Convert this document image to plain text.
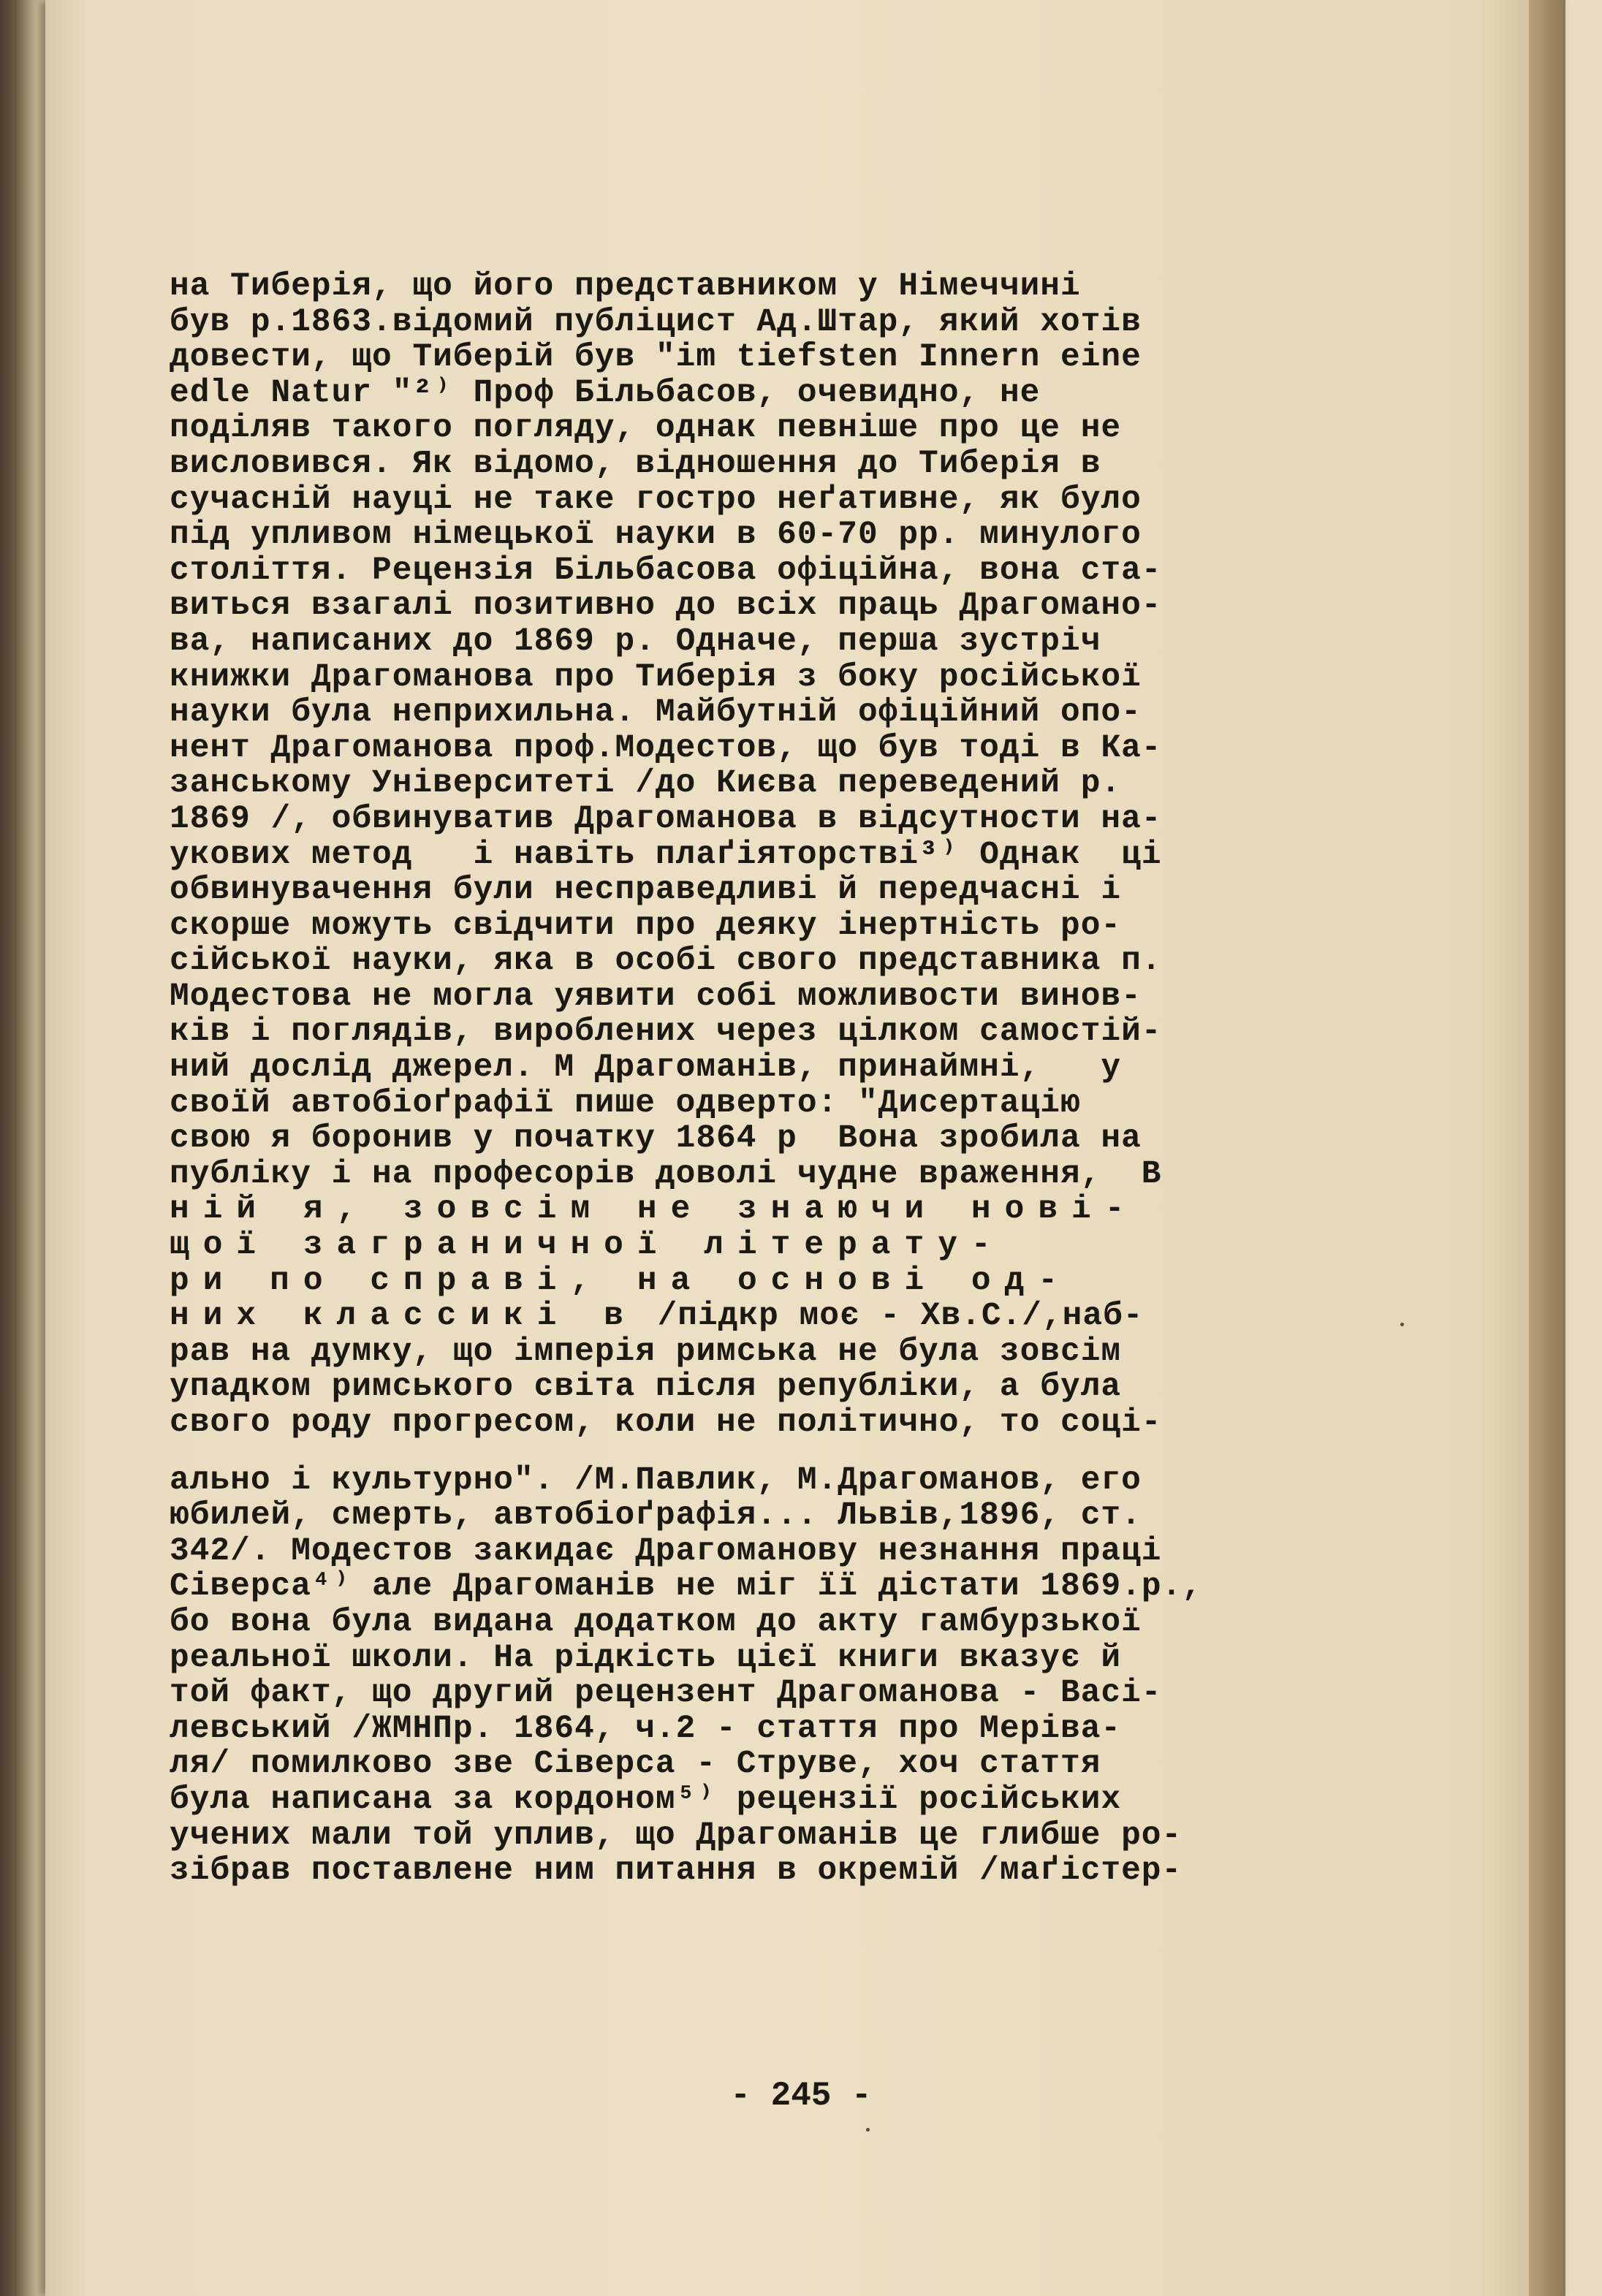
на Тиберія, що його представником у Німеччині
був р.1863.відомий публіцист Ад.Штар, який хотів
довести, що Тиберій був "im tiefsten Innern eine
edle Natur "²⁾ Проф Більбасов, очевидно, не
поділяв такого погляду, однак певніше про це не
висловився. Як відомо, відношення до Тиберія в
сучасній науці не таке гостро неґативне, як було
під упливом німецької науки в 60-70 рр. минулого
століття. Рецензія Більбасова офіційна, вона ста-
виться взагалі позитивно до всіх праць Драгоманo-
ва, написаних до 1869 р. Одначе, перша зустріч
книжки Драгоманова про Тиберія з боку російської
науки була неприхильна. Майбутній офіційний опо-
нент Драгоманова проф.Модестов, що був тоді в Ка-
занському Університеті /до Києва переведений р.
1869 /, обвинуватив Драгоманова в відсутности на-
укових метод   і навіть плаґіяторстві³⁾ Однак  ці
обвинувачення були несправедливі й передчасні і
скорше можуть свідчити про деяку інертність ро-
сійської науки, яка в особі свого представника п.
Модестова не могла уявити собі можливости винов-
ків і поглядів, вироблених через цілком самостій-
ний дослід джерел. М Драгоманів, принаймні,   у
своїй автобіоґрафії пише одверто: "Дисертацію
свою я боронив у початку 1864 р  Вона зробила на
публіку і на професорів доволі чудне враження,  В
ній я, зовсім не знаючи нові-
щої заграничної літерату-
ри по справі, на основі од-
них классикі в /підкр моє - Хв.С./,наб-
рав на думку, що імперія римська не була зовсім
упадком римського світа після републіки, а була
свого роду прогресом, коли не політично, то соці-
ально і культурно". /М.Павлик, М.Драгоманов, его
юбилей, смерть, автобіоґрафія... Львів,1896, ст.
342/. Модестов закидає Драгоманову незнання праці
Сіверса⁴⁾ але Драгоманів не міг її дістати 1869.р.,
бо вона була видана додатком до акту гамбурзької
реальної школи. На рідкість цієї книги вказує й
той факт, що другий рецензент Драгоманова - Васі-
левський /ЖМНПр. 1864, ч.2 - стаття про Меріва-
ля/ помилково зве Сіверса - Струве, хоч стаття
була написана за кордоном⁵⁾ рецензії російських
учених мали той уплив, що Драгоманів це глибше ро-
зібрав поставлене ним питання в окремій /маґістер-
- 245 -
